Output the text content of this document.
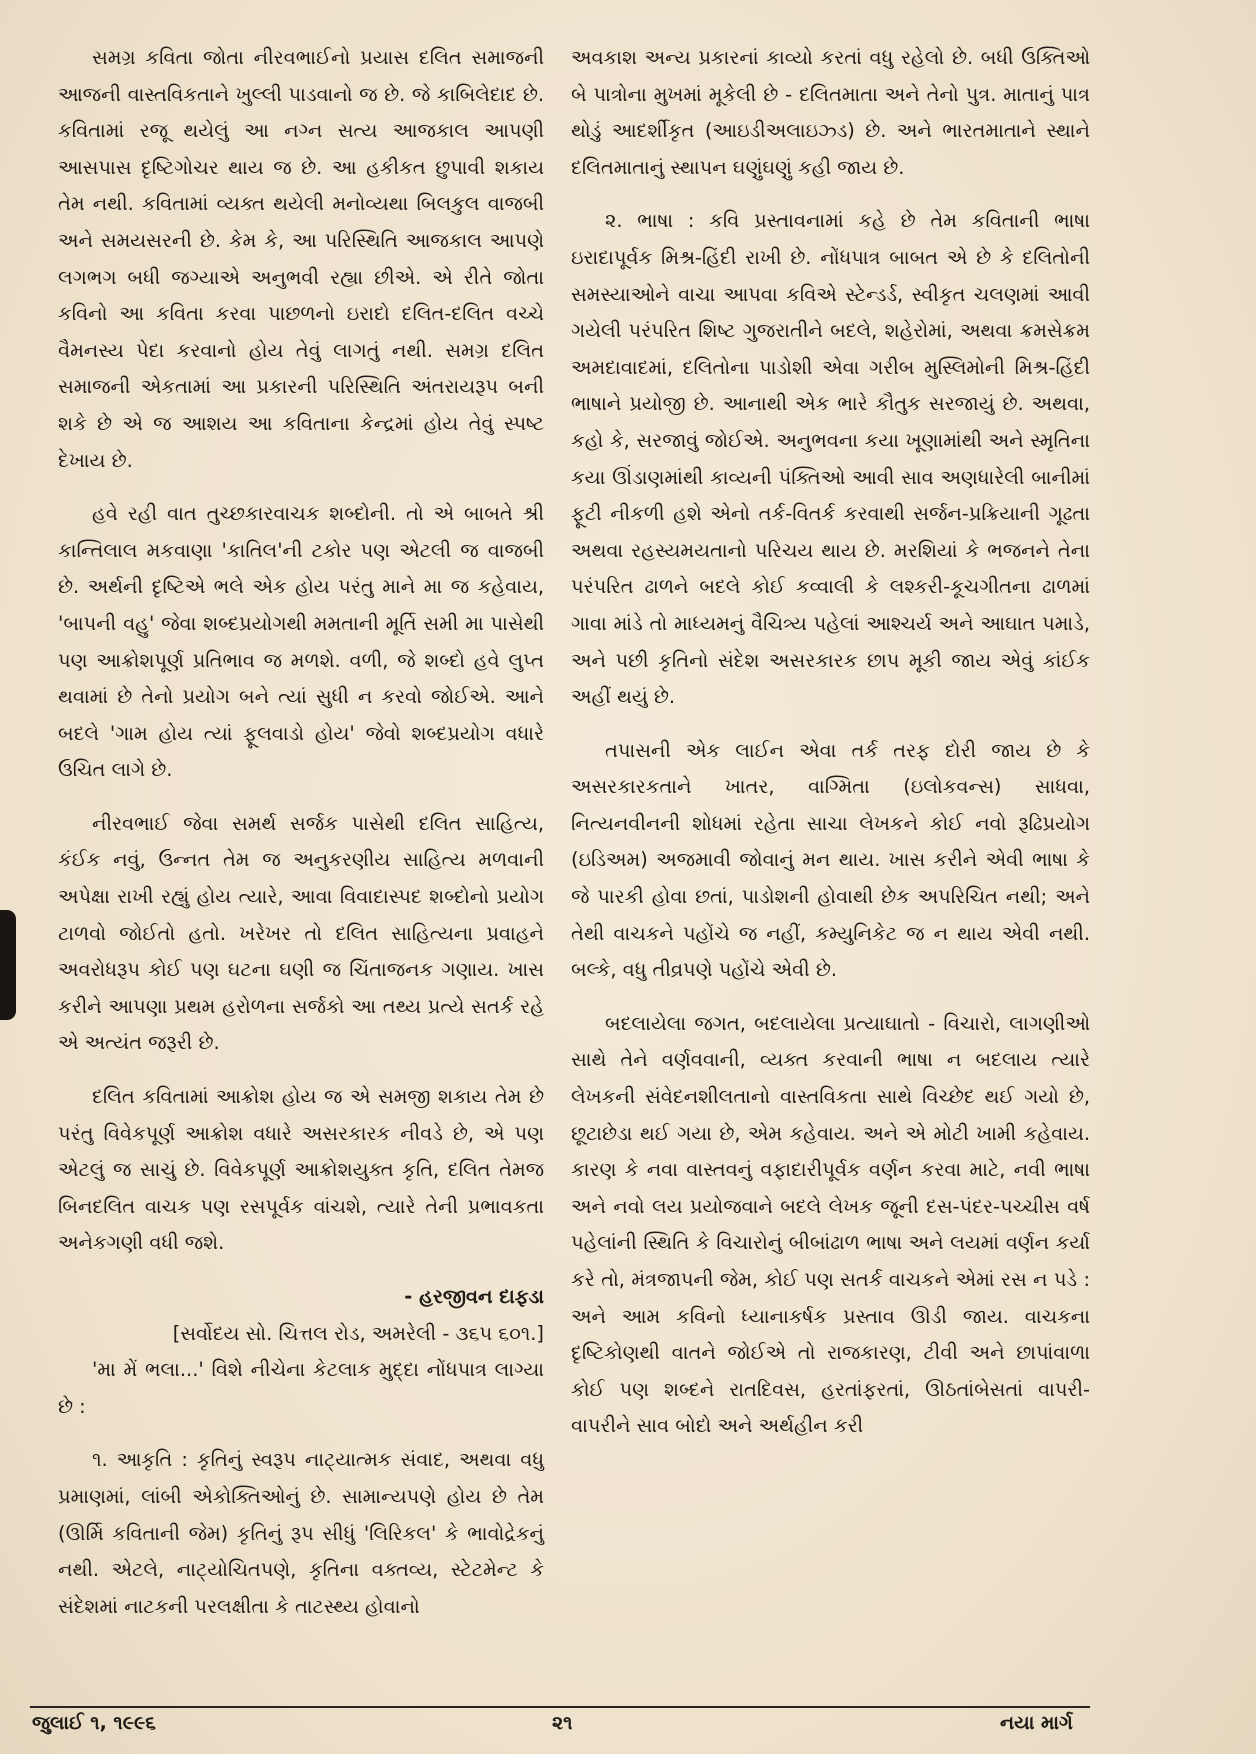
સમગ્ર કવિતા જોતા નીરવભાઈનો પ્રયાસ દલિત સમાજની આજની વાસ્તવિકતાને ખુલ્લી પાડવાનો જ છે. જે કાબિલેદાદ છે. કવિતામાં રજૂ થયેલું આ નગ્ન સત્ય આજકાલ આપણી આસપાસ દૃષ્ટિગોચર થાય જ છે. આ હકીકત છુપાવી શકાય તેમ નથી. કવિતામાં વ્યક્ત થયેલી મનોવ્યથા બિલકુલ વાજબી અને સમયસરની છે. કેમ કે, આ પરિસ્થિતિ આજકાલ આપણે લગભગ બધી જગ્યાએ અનુભવી રહ્યા છીએ. એ રીતે જોતા કવિનો આ કવિતા કરવા પાછળનો ઇરાદો દલિત-દલિત વચ્ચે વૈમનસ્ય પેદા કરવાનો હોય તેવું લાગતું નથી. સમગ્ર દલિત સમાજની એકતામાં આ પ્રકારની પરિસ્થિતિ અંતરાયરૂપ બની શકે છે એ જ આશય આ કવિતાના કેન્દ્રમાં હોય તેવું સ્પષ્ટ દેખાય છે.

હવે રહી વાત તુચ્છકારવાચક શબ્દોની. તો એ બાબતે શ્રી કાન્તિલાલ મકવાણા 'કાતિલ'ની ટકોર પણ એટલી જ વાજબી છે. અર્થની દૃષ્ટિએ ભલે એક હોય પરંતુ માને મા જ કહેવાય, 'બાપની વહુ' જેવા શબ્દપ્રયોગથી મમતાની મૂર્તિ સમી મા પાસેથી પણ આક્રોશપૂર્ણ પ્રતિભાવ જ મળશે. વળી, જે શબ્દો હવે લુપ્ત થવામાં છે તેનો પ્રયોગ બને ત્યાં સુધી ન કરવો જોઈએ. આને બદલે 'ગામ હોય ત્યાં ફૂલવાડો હોય' જેવો શબ્દપ્રયોગ વધારે ઉચિત લાગે છે.

નીરવભાઈ જેવા સમર્થ સર્જક પાસેથી દલિત સાહિત્ય, કંઈક નવું, ઉન્નત તેમ જ અનુકરણીય સાહિત્ય મળવાની અપેક્ષા રાખી રહ્યું હોય ત્યારે, આવા વિવાદાસ્પદ શબ્દોનો પ્રયોગ ટાળવો જોઈતો હતો. ખરેખર તો દલિત સાહિત્યના પ્રવાહને અવરોધરૂપ કોઈ પણ ઘટના ઘણી જ ચિંતાજનક ગણાય. ખાસ કરીને આપણા પ્રથમ હરોળના સર્જકો આ તથ્ય પ્રત્યે સતર્ક રહે એ અત્યંત જરૂરી છે.

દલિત કવિતામાં આક્રોશ હોય જ એ સમજી શકાય તેમ છે પરંતુ વિવેકપૂર્ણ આક્રોશ વધારે અસરકારક નીવડે છે, એ પણ એટલું જ સાચું છે. વિવેકપૂર્ણ આક્રોશયુક્ત કૃતિ, દલિત તેમજ બિનદલિત વાચક પણ રસપૂર્વક વાંચશે, ત્યારે તેની પ્રભાવકતા અનેકગણી વધી જશે.

- હરજીવન દાફડા

[સર્વોદય સો. ચિત્તલ રોડ, અમરેલી - ૩૬૫ ૬૦૧.]

'મા મેં ભલા...' વિશે નીચેના કેટલાક મુદ્દા નોંધપાત્ર લાગ્યા છે :

૧. આકૃતિ : કૃતિનું સ્વરૂપ નાટ્યાત્મક સંવાદ, અથવા વધુ પ્રમાણમાં, લાંબી એકોક્તિઓનું છે. સામાન્યપણે હોય છે તેમ (ઊર્મિ કવિતાની જેમ) કૃતિનું રૂપ સીધું 'લિરિકલ' કે ભાવોદ્રેકનું નથી. એટલે, નાટ્યોચિતપણે, કૃતિના વક્તવ્ય, સ્ટેટમેન્ટ કે સંદેશમાં નાટકની પરલક્ષીતા કે તાટસ્થ્ય હોવાનો

અવકાશ અન્ય પ્રકારનાં કાવ્યો કરતાં વધુ રહેલો છે. બધી ઉક્તિઓ બે પાત્રોના મુખમાં મૂકેલી છે - દલિતમાતા અને તેનો પુત્ર. માતાનું પાત્ર થોડું આદર્શીકૃત (આઇડીઅલાઇઝ્ડ) છે. અને ભારતમાતાને સ્થાને દલિતમાતાનું સ્થાપન ઘણુંઘણું કહી જાય છે.

૨. ભાષા : કવિ પ્રસ્તાવનામાં કહે છે તેમ કવિતાની ભાષા ઇરાદાપૂર્વક મિશ્ર-હિંદી રાખી છે. નોંધપાત્ર બાબત એ છે કે દલિતોની સમસ્યાઓને વાચા આપવા કવિએ સ્ટેન્ડર્ડ, સ્વીકૃત ચલણમાં આવી ગયેલી પરંપરિત શિષ્ટ ગુજરાતીને બદલે, શહેરોમાં, અથવા ક્રમસેક્રમ અમદાવાદમાં, દલિતોના પાડોશી એવા ગરીબ મુસ્લિમોની મિશ્ર-હિંદી ભાષાને પ્રયોજી છે. આનાથી એક ભારે કૌતુક સરજાયું છે. અથવા, કહો કે, સરજાવું જોઈએ. અનુભવના કયા ખૂણામાંથી અને સ્મૃતિના કયા ઊંડાણમાંથી કાવ્યની પંક્તિઓ આવી સાવ અણધારેલી બાનીમાં ફૂટી નીકળી હશે એનો તર્ક-વિતર્ક કરવાથી સર્જન-પ્રક્રિયાની ગૂઢતા અથવા રહસ્યમયતાનો પરિચય થાય છે. મરશિયાં કે ભજનને તેના પરંપરિત ઢાળને બદલે કોઈ કવ્વાલી કે લશ્કરી-કૂચગીતના ઢાળમાં ગાવા માંડે તો માધ્યમનું વૈચિત્ર્ય પહેલાં આશ્ચર્ય અને આઘાત પમાડે, અને પછી કૃતિનો સંદેશ અસરકારક છાપ મૂકી જાય એવું કાંઈક અહીં થયું છે.

તપાસની એક લાઈન એવા તર્ક તરફ દોરી જાય છે કે અસરકારકતાને ખાતર, વાગ્મિતા (ઇલોકવન્સ) સાધવા, નિત્યનવીનની શોધમાં રહેતા સાચા લેખકને કોઈ નવો રૂઢિપ્રયોગ (ઇડિઅમ) અજમાવી જોવાનું મન થાય. ખાસ કરીને એવી ભાષા કે જે પારકી હોવા છતાં, પાડોશની હોવાથી છેક અપરિચિત નથી; અને તેથી વાચકને પહોંચે જ નહીં, કમ્યુનિકેટ જ ન થાય એવી નથી. બલ્કે, વધુ તીવ્રપણે પહોંચે એવી છે.

બદલાયેલા જગત, બદલાયેલા પ્રત્યાઘાતો - વિચારો, લાગણીઓ સાથે તેને વર્ણવવાની, વ્યક્ત કરવાની ભાષા ન બદલાય ત્યારે લેખકની સંવેદનશીલતાનો વાસ્તવિકતા સાથે વિચ્છેદ થઈ ગયો છે, છૂટાછેડા થઈ ગયા છે, એમ કહેવાય. અને એ મોટી ખામી કહેવાય. કારણ કે નવા વાસ્તવનું વફાદારીપૂર્વક વર્ણન કરવા માટે, નવી ભાષા અને નવો લય પ્રયોજવાને બદલે લેખક જૂની દસ-પંદર-પચ્ચીસ વર્ષ પહેલાંની સ્થિતિ કે વિચારોનું બીબાંઢાળ ભાષા અને લયમાં વર્ણન કર્યા કરે તો, મંત્રજાપની જેમ, કોઈ પણ સતર્ક વાચકને એમાં રસ ન પડે : અને આમ કવિનો ધ્યાનાકર્ષક પ્રસ્તાવ ઊડી જાય. વાચકના દૃષ્ટિકોણથી વાતને જોઈએ તો રાજકારણ, ટીવી અને છાપાંવાળા કોઈ પણ શબ્દને રાતદિવસ, હરતાંફરતાં, ઊઠતાંબેસતાં વાપરી-વાપરીને સાવ બોદો અને અર્થહીન કરી

જુલાઈ ૧, ૧૯૯૬	૨૧	નયા માર્ગ
